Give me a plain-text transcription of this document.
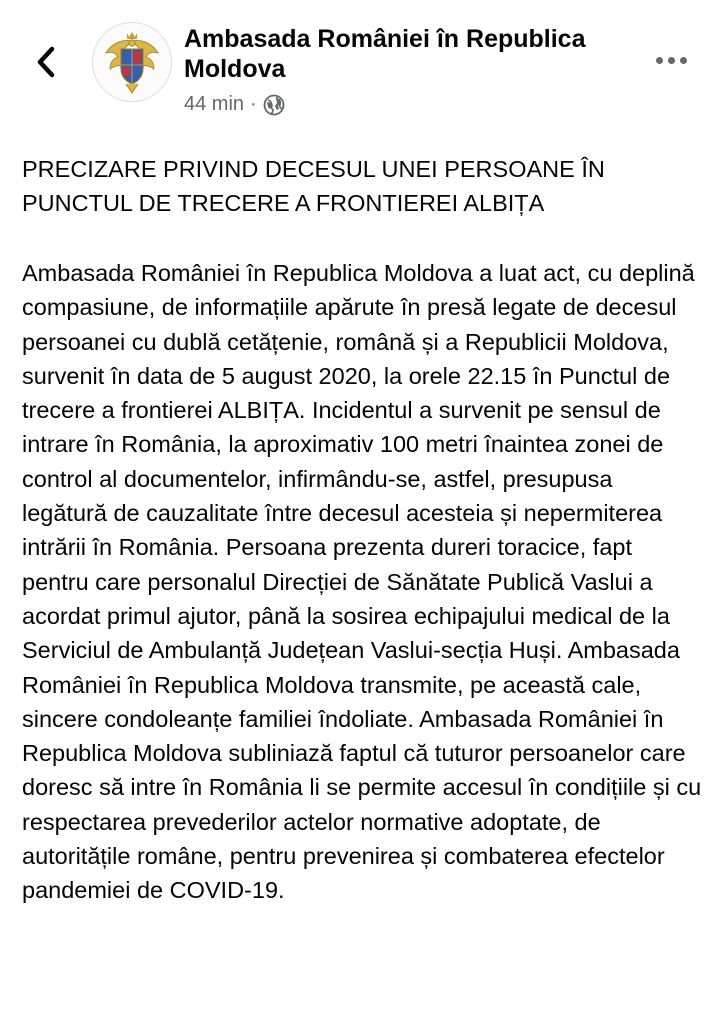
Ambasada României în Republica Moldova
44 min ·

PRECIZARE PRIVIND DECESUL UNEI PERSOANE ÎN PUNCTUL DE TRECERE A FRONTIEREI ALBIȚA

Ambasada României în Republica Moldova a luat act, cu deplină compasiune, de informațiile apărute în presă legate de decesul persoanei cu dublă cetățenie, română și a Republicii Moldova, survenit în data de 5 august 2020, la orele 22.15 în Punctul de trecere a frontierei ALBIȚA. Incidentul a survenit pe sensul de intrare în România, la aproximativ 100 metri înaintea zonei de control al documentelor, infirmându-se, astfel, presupusa legătură de cauzalitate între decesul acesteia și nepermiterea intrării în România. Persoana prezenta dureri toracice, fapt pentru care personalul Direcției de Sănătate Publică Vaslui a acordat primul ajutor, până la sosirea echipajului medical de la Serviciul de Ambulanță Județean Vaslui-secția Huși. Ambasada României în Republica Moldova transmite, pe această cale, sincere condoleanțe familiei îndoliate. Ambasada României în Republica Moldova subliniază faptul că tuturor persoanelor care doresc să intre în România li se permite accesul în condițiile și cu respectarea prevederilor actelor normative adoptate, de autoritățile române, pentru prevenirea și combaterea efectelor pandemiei de COVID-19.
